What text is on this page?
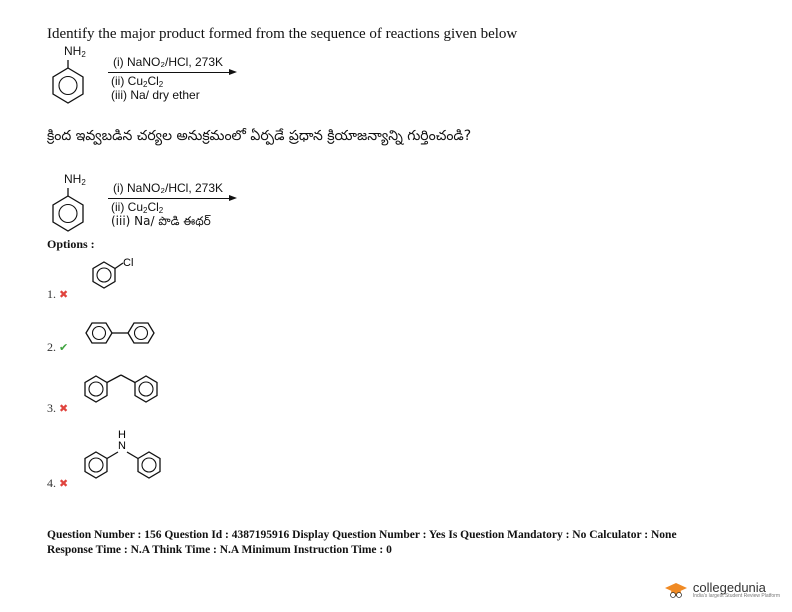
Identify the major product formed from the sequence of reactions given below
$NH_2$
(i) NaNO₂/HCl, 273K
(ii) $Cu_2Cl_2$
(iii) Na/ dry ether
క్రింద ఇవ్వబడిన చర్యల అనుక్రమంలో ఏర్పడే ప్రధాన క్రియాజన్యాన్ని గుర్తించండి?
$NH_2$ (i) NaNO₂/HCl, 273K
(ii) $Cu_2Cl_2$
(iii) Na/ పొడి ఈథర్
Options :
1. ✖
Cl
2. ✔
3. ✖
4. ✖
H
N
Question Number : 156 Question Id : 4387195916 Display Question Number : Yes Is Question Mandatory : No Calculator : None
Response Time : N.A Think Time : N.A Minimum Instruction Time : 0
collegedunia
India's largest Student Review Platform
